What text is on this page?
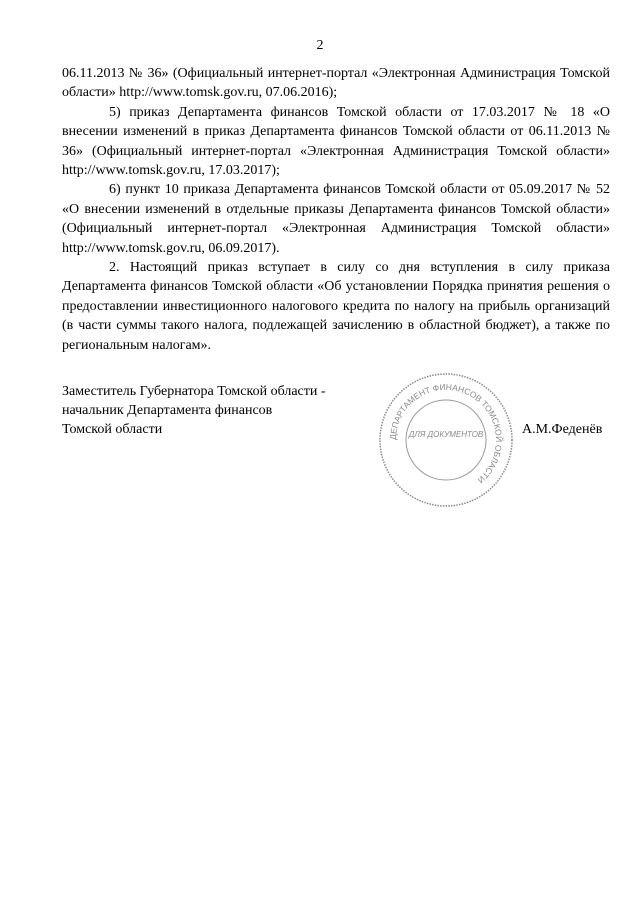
2

06.11.2013 № 36» (Официальный интернет-портал «Электронная Администрация Томской области» http://www.tomsk.gov.ru, 07.06.2016);

5) приказ Департамента финансов Томской области от 17.03.2017 № 18 «О внесении изменений в приказ Департамента финансов Томской области от 06.11.2013 № 36» (Официальный интернет-портал «Электронная Администрация Томской области» http://www.tomsk.gov.ru, 17.03.2017);

6) пункт 10 приказа Департамента финансов Томской области от 05.09.2017 № 52 «О внесении изменений в отдельные приказы Департамента финансов Томской области» (Официальный интернет-портал «Электронная Администрация Томской области» http://www.tomsk.gov.ru, 06.09.2017).

2. Настоящий приказ вступает в силу со дня вступления в силу приказа Департамента финансов Томской области «Об установлении Порядка принятия решения о предоставлении инвестиционного налогового кредита по налогу на прибыль организаций (в части суммы такого налога, подлежащей зачислению в областной бюджет), а также по региональным налогам».

Заместитель Губернатора Томской области -
начальник Департамента финансов
Томской области
ДЕПАРТАМЕНТ ФИНАНСОВ ТОМСКОЙ ОБЛАСТИ
ДЛЯ ДОКУМЕНТОВ	А.М.Феденёв
